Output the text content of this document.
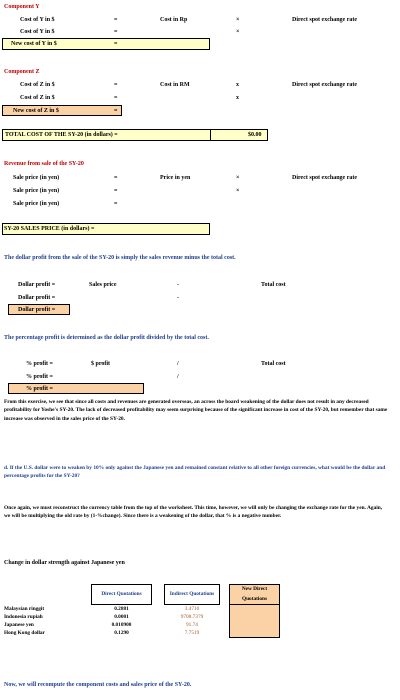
Component Y
Cost of Y in $	=	Cost in Rp	×	Direct spot exchange rate
Cost of Y in $	=	×
New cost of Y in $	=
Component Z
Cost of Z in $	=	Cost in RM	x	Direct spot exchange rate
Cost of Z in $	=	x
New cost of Z in $	=
TOTAL COST OF THE SY-20 (in dollars) =	$0.00
Revenue from sale of the SY-20
Sale price (in yen)	=	Price in yen	×	Direct spot exchange rate
Sale price (in yen)	=	×
Sale price (in yen)	=
SY-20 SALES PRICE (in dollars) =
The dollar profit from the sale of the SY-20 is simply the sales revenue minus the total cost.
Dollar profit =	Sales price	-	Total cost
Dollar profit =	-
Dollar profit =
The percentage profit is determined as the dollar profit divided by the total cost.
% profit =	$ profit	/	Total cost
% profit =	/
% profit =
From this exercise, we see that since all costs and revenues are generated overseas, an across the board weakening of the dollar does not result in any decreased profitability for Yoshe's SY-20. The lack of decreased profitability may seem surprising because of the significant increase in cost of the SY-20, but remember that same increase was observed in the sales price of the SY-20.
d. If the U.S. dollar were to weaken by 10% only against the Japanese yen and remained constant relative to all other foreign currencies, what would be the dollar and percentage profits for the SY-20?
Once again, we must reconstruct the currency table from the top of the worksheet. This time, however, we will only be changing the exchange rate for the yen. Again, we will be multiplying the old rate by (1-%change). Since there is a weakening of the dollar, that % is a negative number.
Change in dollar strength against Japanese yen
	Direct Quotations		Indirect Quotations		New Direct Quotations
Malaysian ringgit	0.2881		3.4710		
Indonesia rupiah	0.0001		9708.7379		
Japanese yen	0.010900		91.74		
Hong Kong dollar	0.1290		7.7519		
Now, we will recompute the component costs and sales price of the SY-20.
